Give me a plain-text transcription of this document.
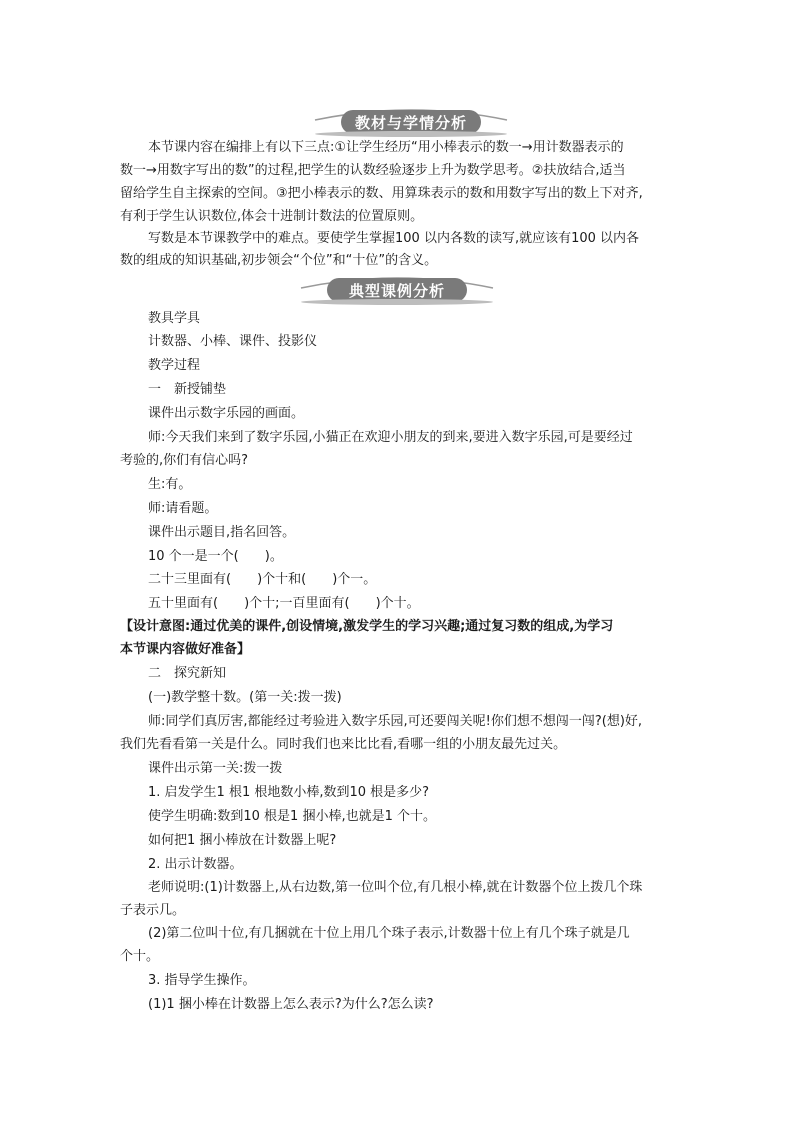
教材与学情分析
本节课内容在编排上有以下三点:①让学生经历“用小棒表示的数一→用计数器表示的
数一→用数字写出的数”的过程,把学生的认数经验逐步上升为数学思考。②扶放结合,适当
留给学生自主探索的空间。③把小棒表示的数、用算珠表示的数和用数字写出的数上下对齐,
有利于学生认识数位,体会十进制计数法的位置原则。
写数是本节课教学中的难点。要使学生掌握100 以内各数的读写,就应该有100 以内各
数的组成的知识基础,初步领会“个位”和“十位”的含义。
典型课例分析
教具学具
计数器、小棒、课件、投影仪
教学过程
一　新授铺垫
课件出示数字乐园的画面。
师:今天我们来到了数字乐园,小猫正在欢迎小朋友的到来,要进入数字乐园,可是要经过
考验的,你们有信心吗?
生:有。
师:请看题。
课件出示题目,指名回答。
10 个一是一个(　　)。
二十三里面有(　　)个十和(　　)个一。
五十里面有(　　)个十;一百里面有(　　)个十。
【设计意图:通过优美的课件,创设情境,激发学生的学习兴趣;通过复习数的组成,为学习
本节课内容做好准备】
二　探究新知
(一)教学整十数。(第一关:拨一拨)
师:同学们真厉害,都能经过考验进入数字乐园,可还要闯关呢!你们想不想闯一闯?(想)好,
我们先看看第一关是什么。同时我们也来比比看,看哪一组的小朋友最先过关。
课件出示第一关:拨一拨
1. 启发学生1 根1 根地数小棒,数到10 根是多少?
使学生明确:数到10 根是1 捆小棒,也就是1 个十。
如何把1 捆小棒放在计数器上呢?
2. 出示计数器。
老师说明:(1)计数器上,从右边数,第一位叫个位,有几根小棒,就在计数器个位上拨几个珠
子表示几。
(2)第二位叫十位,有几捆就在十位上用几个珠子表示,计数器十位上有几个珠子就是几
个十。
3. 指导学生操作。
(1)1 捆小棒在计数器上怎么表示?为什么?怎么读?
